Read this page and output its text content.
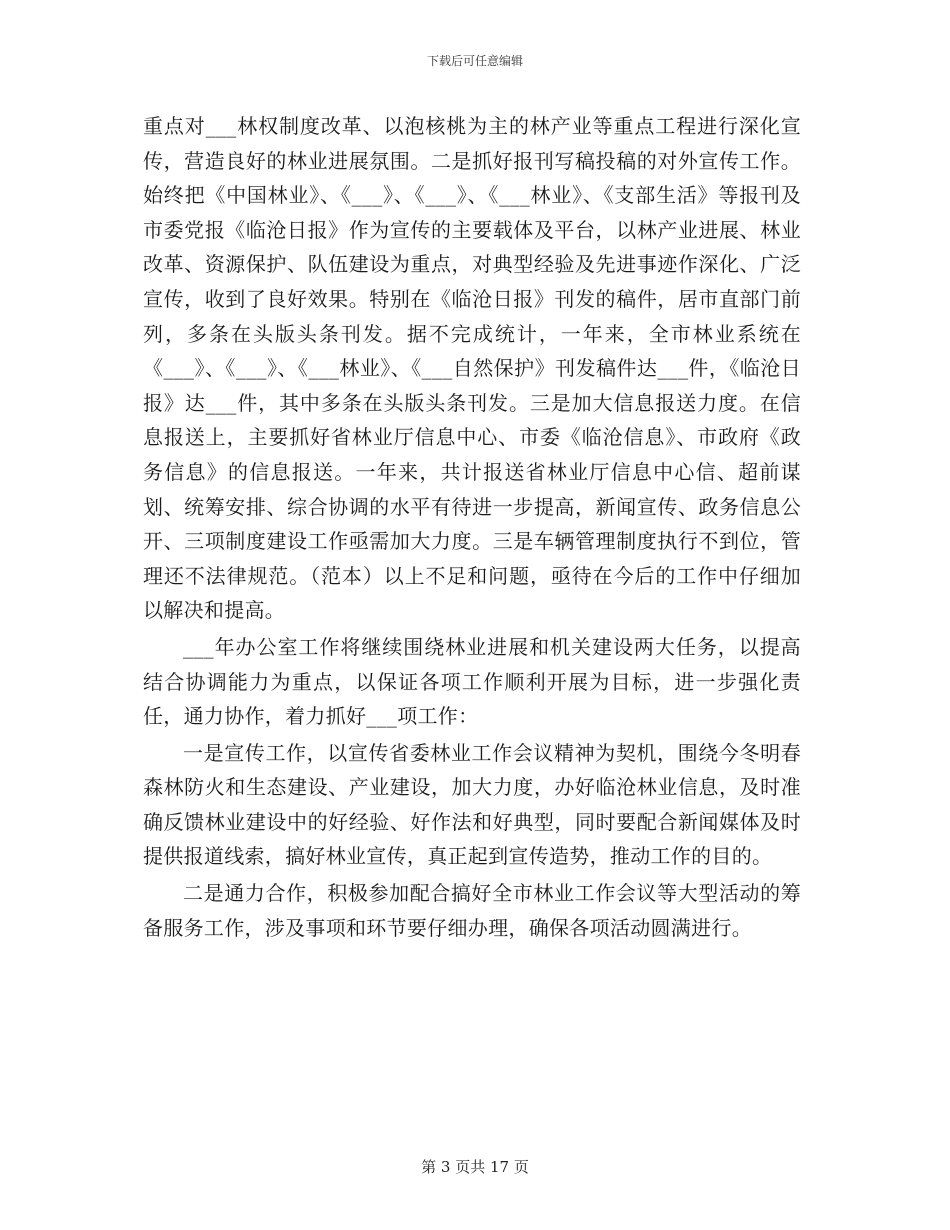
下载后可任意编辑

重点对___林权制度改革、以泡核桃为主的林产业等重点工程进行深化宣传，营造良好的林业进展氛围。二是抓好报刊写稿投稿的对外宣传工作。始终把《中国林业》、《___》、《___》、《___林业》、《支部生活》等报刊及市委党报《临沧日报》作为宣传的主要载体及平台，以林产业进展、林业改革、资源保护、队伍建设为重点，对典型经验及先进事迹作深化、广泛宣传，收到了良好效果。特别在《临沧日报》刊发的稿件，居市直部门前列，多条在头版头条刊发。据不完成统计，一年来，全市林业系统在《___》、《___》、《___林业》、《___自然保护》刊发稿件达___件，《临沧日报》达___件，其中多条在头版头条刊发。三是加大信息报送力度。在信息报送上，主要抓好省林业厅信息中心、市委《临沧信息》、市政府《政务信息》的信息报送。一年来，共计报送省林业厅信息中心信、超前谋划、统筹安排、综合协调的水平有待进一步提高，新闻宣传、政务信息公开、三项制度建设工作亟需加大力度。三是车辆管理制度执行不到位，管理还不法律规范。（范本）以上不足和问题，亟待在今后的工作中仔细加以解决和提高。

___年办公室工作将继续围绕林业进展和机关建设两大任务，以提高结合协调能力为重点，以保证各项工作顺利开展为目标，进一步强化责任，通力协作，着力抓好___项工作：

一是宣传工作，以宣传省委林业工作会议精神为契机，围绕今冬明春森林防火和生态建设、产业建设，加大力度，办好临沧林业信息，及时准确反馈林业建设中的好经验、好作法和好典型，同时要配合新闻媒体及时提供报道线索，搞好林业宣传，真正起到宣传造势，推动工作的目的。

二是通力合作，积极参加配合搞好全市林业工作会议等大型活动的筹备服务工作，涉及事项和环节要仔细办理，确保各项活动圆满进行。

第 3 页共 17 页
